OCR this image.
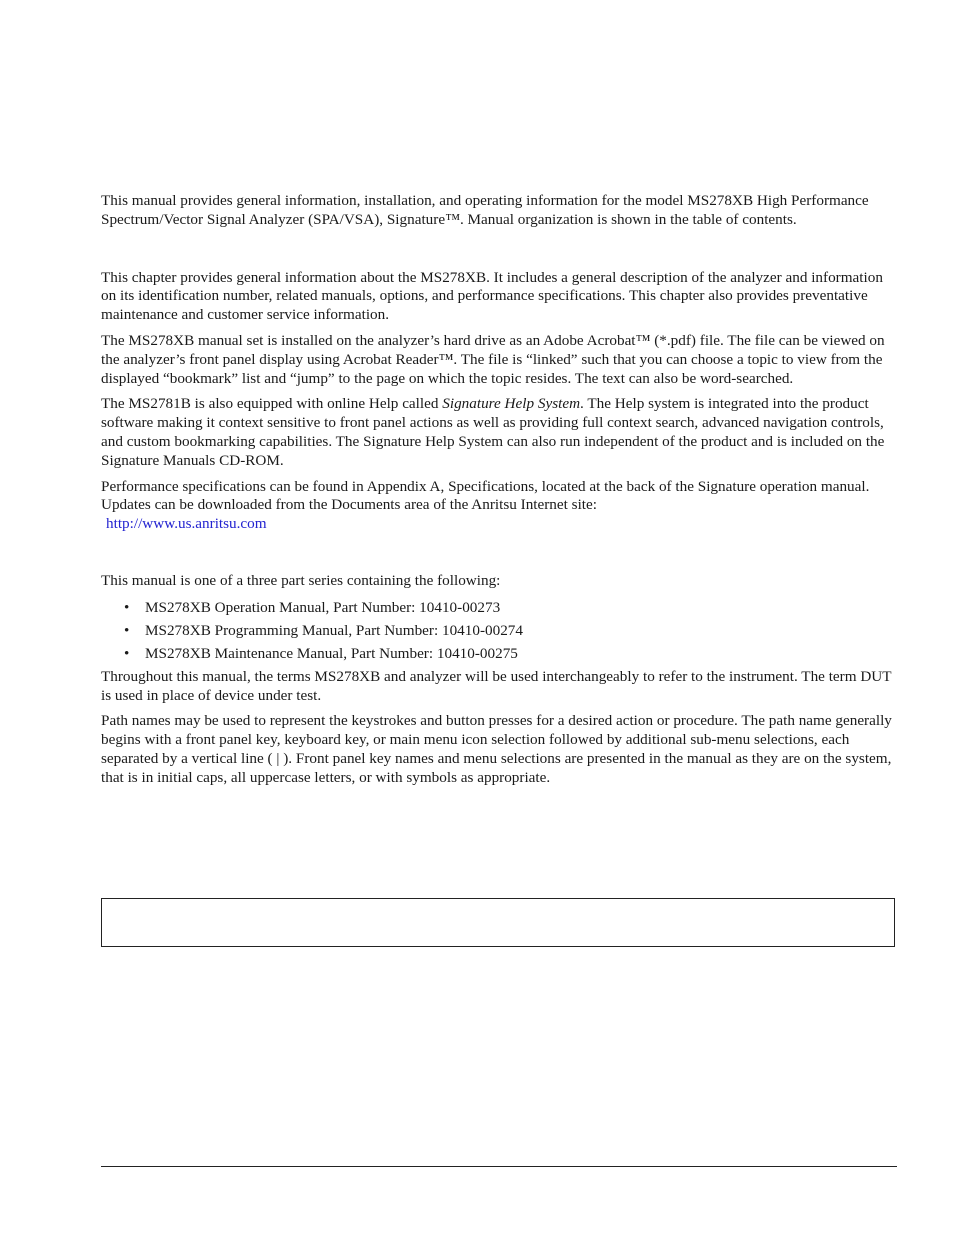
This manual provides general information, installation, and operating information for the model MS278XB High Performance Spectrum/Vector Signal Analyzer (SPA/VSA), Signature™. Manual organization is shown in the table of contents.

This chapter provides general information about the MS278XB. It includes a general description of the analyzer and information on its identification number, related manuals, options, and performance specifications. This chapter also provides preventative maintenance and customer service information.

The MS278XB manual set is installed on the analyzer’s hard drive as an Adobe Acrobat™ (*.pdf) file. The file can be viewed on the analyzer’s front panel display using Acrobat Reader™. The file is “linked” such that you can choose a topic to view from the displayed “bookmark” list and “jump” to the page on which the topic resides. The text can also be word-searched.

The MS2781B is also equipped with online Help called Signature Help System. The Help system is integrated into the product software making it context sensitive to front panel actions as well as providing full context search, advanced navigation controls, and custom bookmarking capabilities. The Signature Help System can also run independent of the product and is included on the Signature Manuals CD-ROM.

Performance specifications can be found in Appendix A, Specifications, located at the back of the Signature operation manual. Updates can be downloaded from the Documents area of the Anritsu Internet site:

http://www.us.anritsu.com

This manual is one of a three part series containing the following:

• MS278XB Operation Manual, Part Number: 10410-00273
• MS278XB Programming Manual, Part Number: 10410-00274
• MS278XB Maintenance Manual, Part Number: 10410-00275

Throughout this manual, the terms MS278XB and analyzer will be used interchangeably to refer to the instrument. The term DUT is used in place of device under test.

Path names may be used to represent the keystrokes and button presses for a desired action or procedure. The path name generally begins with a front panel key, keyboard key, or main menu icon selection followed by additional sub-menu selections, each separated by a vertical line ( | ). Front panel key names and menu selections are presented in the manual as they are on the system, that is in initial caps, all uppercase letters, or with symbols as appropriate.
